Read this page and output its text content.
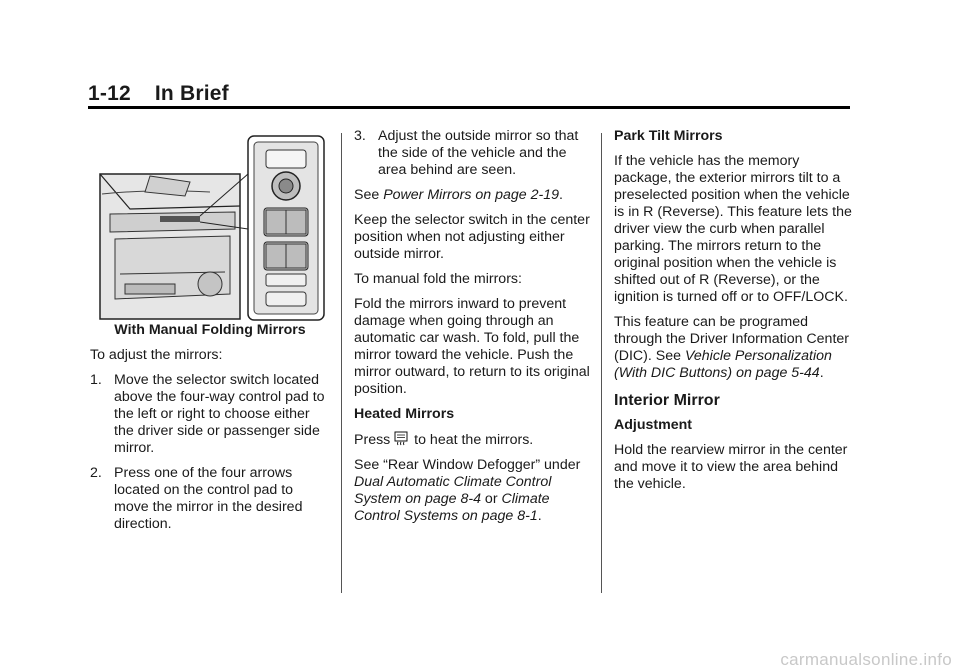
1-12 In Brief
With Manual Folding Mirrors

To adjust the mirrors:

1. Move the selector switch located above the four-way control pad to the left or right to choose either the driver side or passenger side mirror.

2. Press one of the four arrows located on the control pad to move the mirror in the desired direction.

3. Adjust the outside mirror so that the side of the vehicle and the area behind are seen.

See Power Mirrors on page 2-19.

Keep the selector switch in the center position when not adjusting either outside mirror.

To manual fold the mirrors:

Fold the mirrors inward to prevent damage when going through an automatic car wash. To fold, pull the mirror toward the vehicle. Push the mirror outward, to return to its original position.

Heated Mirrors

Press  to heat the mirrors.

See “Rear Window Defogger” under Dual Automatic Climate Control System on page 8-4 or Climate Control Systems on page 8-1.

Park Tilt Mirrors

If the vehicle has the memory package, the exterior mirrors tilt to a preselected position when the vehicle is in R (Reverse). This feature lets the driver view the curb when parallel parking. The mirrors return to the original position when the vehicle is shifted out of R (Reverse), or the ignition is turned off or to OFF/LOCK.

This feature can be programed through the Driver Information Center (DIC). See Vehicle Personalization (With DIC Buttons) on page 5-44.

Interior Mirror

Adjustment

Hold the rearview mirror in the center and move it to view the area behind the vehicle.

carmanualsonline.info
